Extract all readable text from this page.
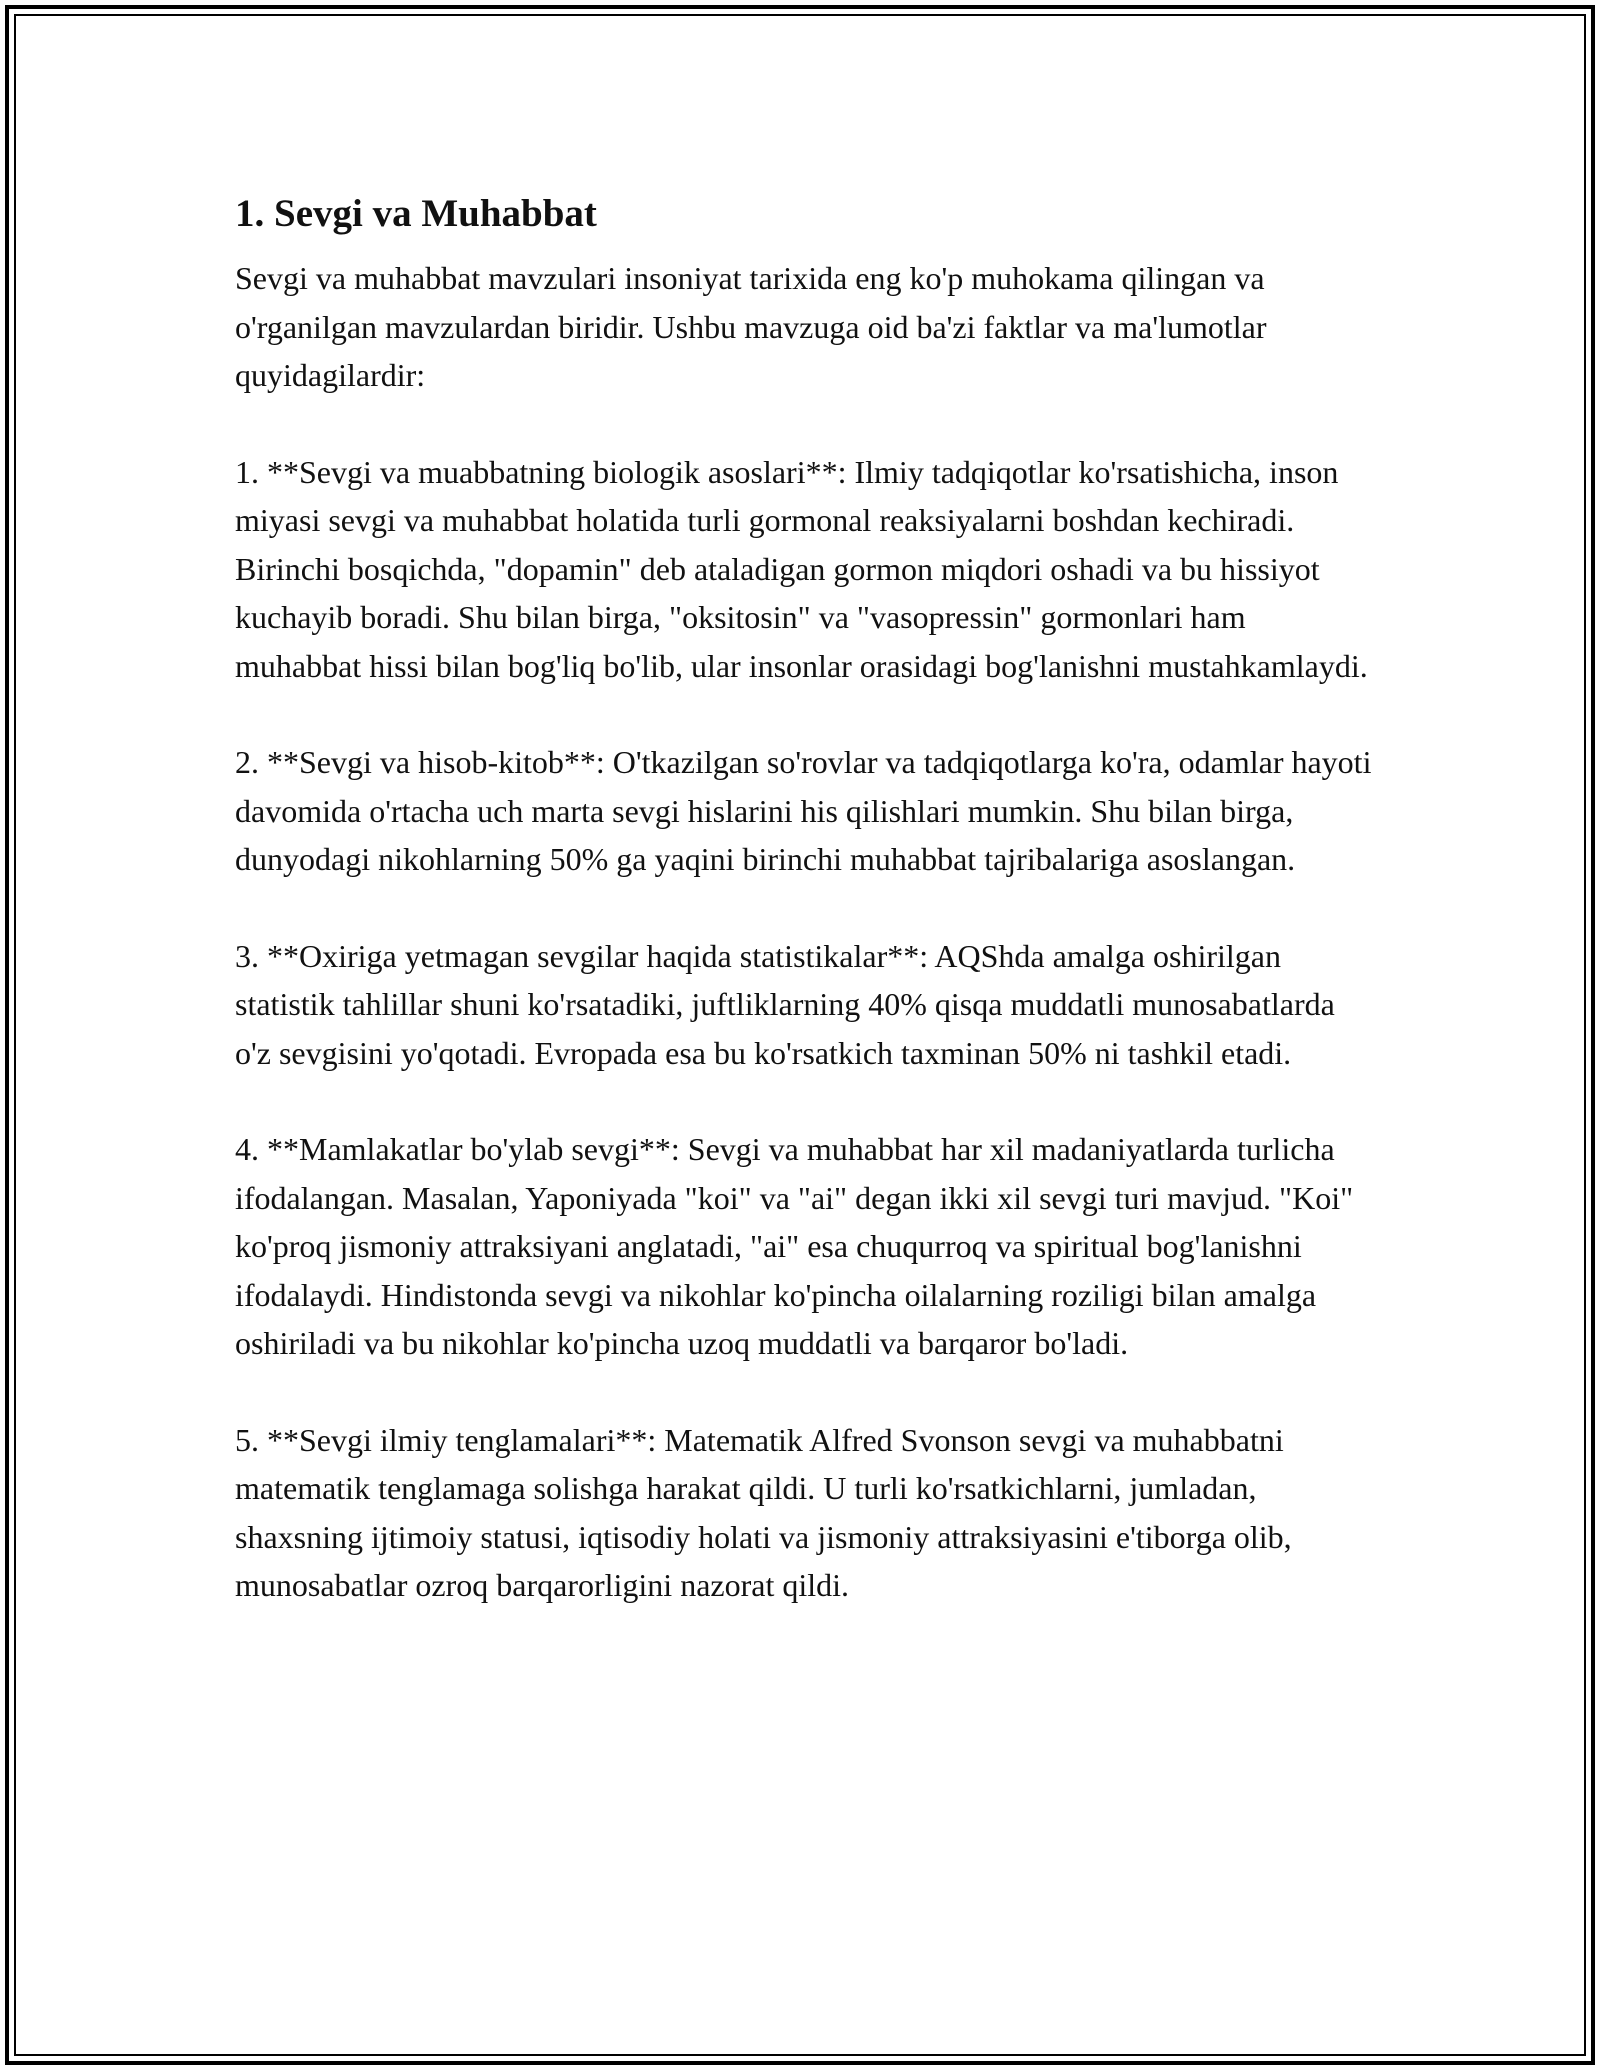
1. Sevgi va Muhabbat

Sevgi va muhabbat mavzulari insoniyat tarixida eng ko'p muhokama qilingan va o'rganilgan mavzulardan biridir. Ushbu mavzuga oid ba'zi faktlar va ma'lumotlar quyidagilardir:

1. **Sevgi va muabbatning biologik asoslari**: Ilmiy tadqiqotlar ko'rsatishicha, inson miyasi sevgi va muhabbat holatida turli gormonal reaksiyalarni boshdan kechiradi. Birinchi bosqichda, "dopamin" deb ataladigan gormon miqdori oshadi va bu hissiyot kuchayib boradi. Shu bilan birga, "oksitosin" va "vasopressin" gormonlari ham muhabbat hissi bilan bog'liq bo'lib, ular insonlar orasidagi bog'lanishni mustahkamlaydi.

2. **Sevgi va hisob-kitob**: O'tkazilgan so'rovlar va tadqiqotlarga ko'ra, odamlar hayoti davomida o'rtacha uch marta sevgi hislarini his qilishlari mumkin. Shu bilan birga, dunyodagi nikohlarning 50% ga yaqini birinchi muhabbat tajribalariga asoslangan.

3. **Oxiriga yetmagan sevgilar haqida statistikalar**: AQShda amalga oshirilgan statistik tahlillar shuni ko'rsatadiki, juftliklarning 40% qisqa muddatli munosabatlarda o'z sevgisini yo'qotadi. Evropada esa bu ko'rsatkich taxminan 50% ni tashkil etadi.

4. **Mamlakatlar bo'ylab sevgi**: Sevgi va muhabbat har xil madaniyatlarda turlicha ifodalangan. Masalan, Yaponiyada "koi" va "ai" degan ikki xil sevgi turi mavjud. "Koi" ko'proq jismoniy attraksiyani anglatadi, "ai" esa chuqurroq va spiritual bog'lanishni ifodalaydi. Hindistonda sevgi va nikohlar ko'pincha oilalarning roziligi bilan amalga oshiriladi va bu nikohlar ko'pincha uzoq muddatli va barqaror bo'ladi.

5. **Sevgi ilmiy tenglamalari**: Matematik Alfred Svonson sevgi va muhabbatni matematik tenglamaga solishga harakat qildi. U turli ko'rsatkichlarni, jumladan, shaxsning ijtimoiy statusi, iqtisodiy holati va jismoniy attraksiyasini e'tiborga olib, munosabatlar ozroq barqarorligini nazorat qildi.
